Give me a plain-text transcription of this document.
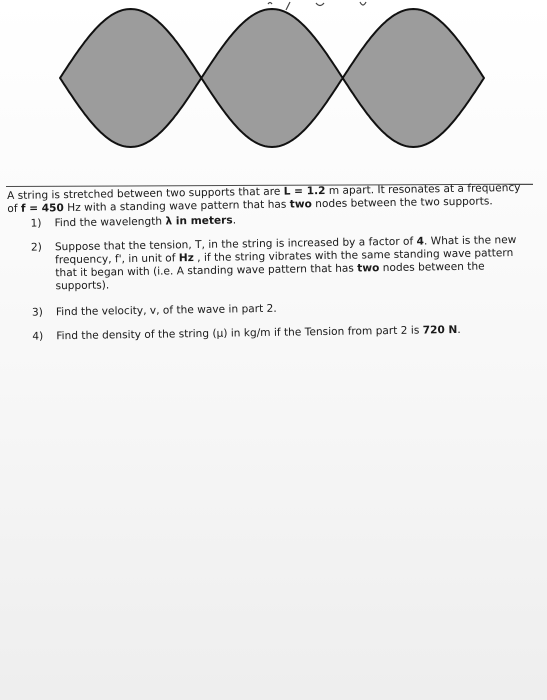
A string is stretched between two supports that are L = 1.2 m apart. It resonates at a frequency of f = 450 Hz with a standing wave pattern that has two nodes between the two supports.

1) Find the wavelength λ in meters.
2) Suppose that the tension, T, in the string is increased by a factor of 4. What is the new frequency, f', in unit of Hz , if the string vibrates with the same standing wave pattern that it began with (i.e. A standing wave pattern that has two nodes between the supports).
3) Find the velocity, v, of the wave in part 2.
4) Find the density of the string (μ) in kg/m if the Tension from part 2 is 720 N.
